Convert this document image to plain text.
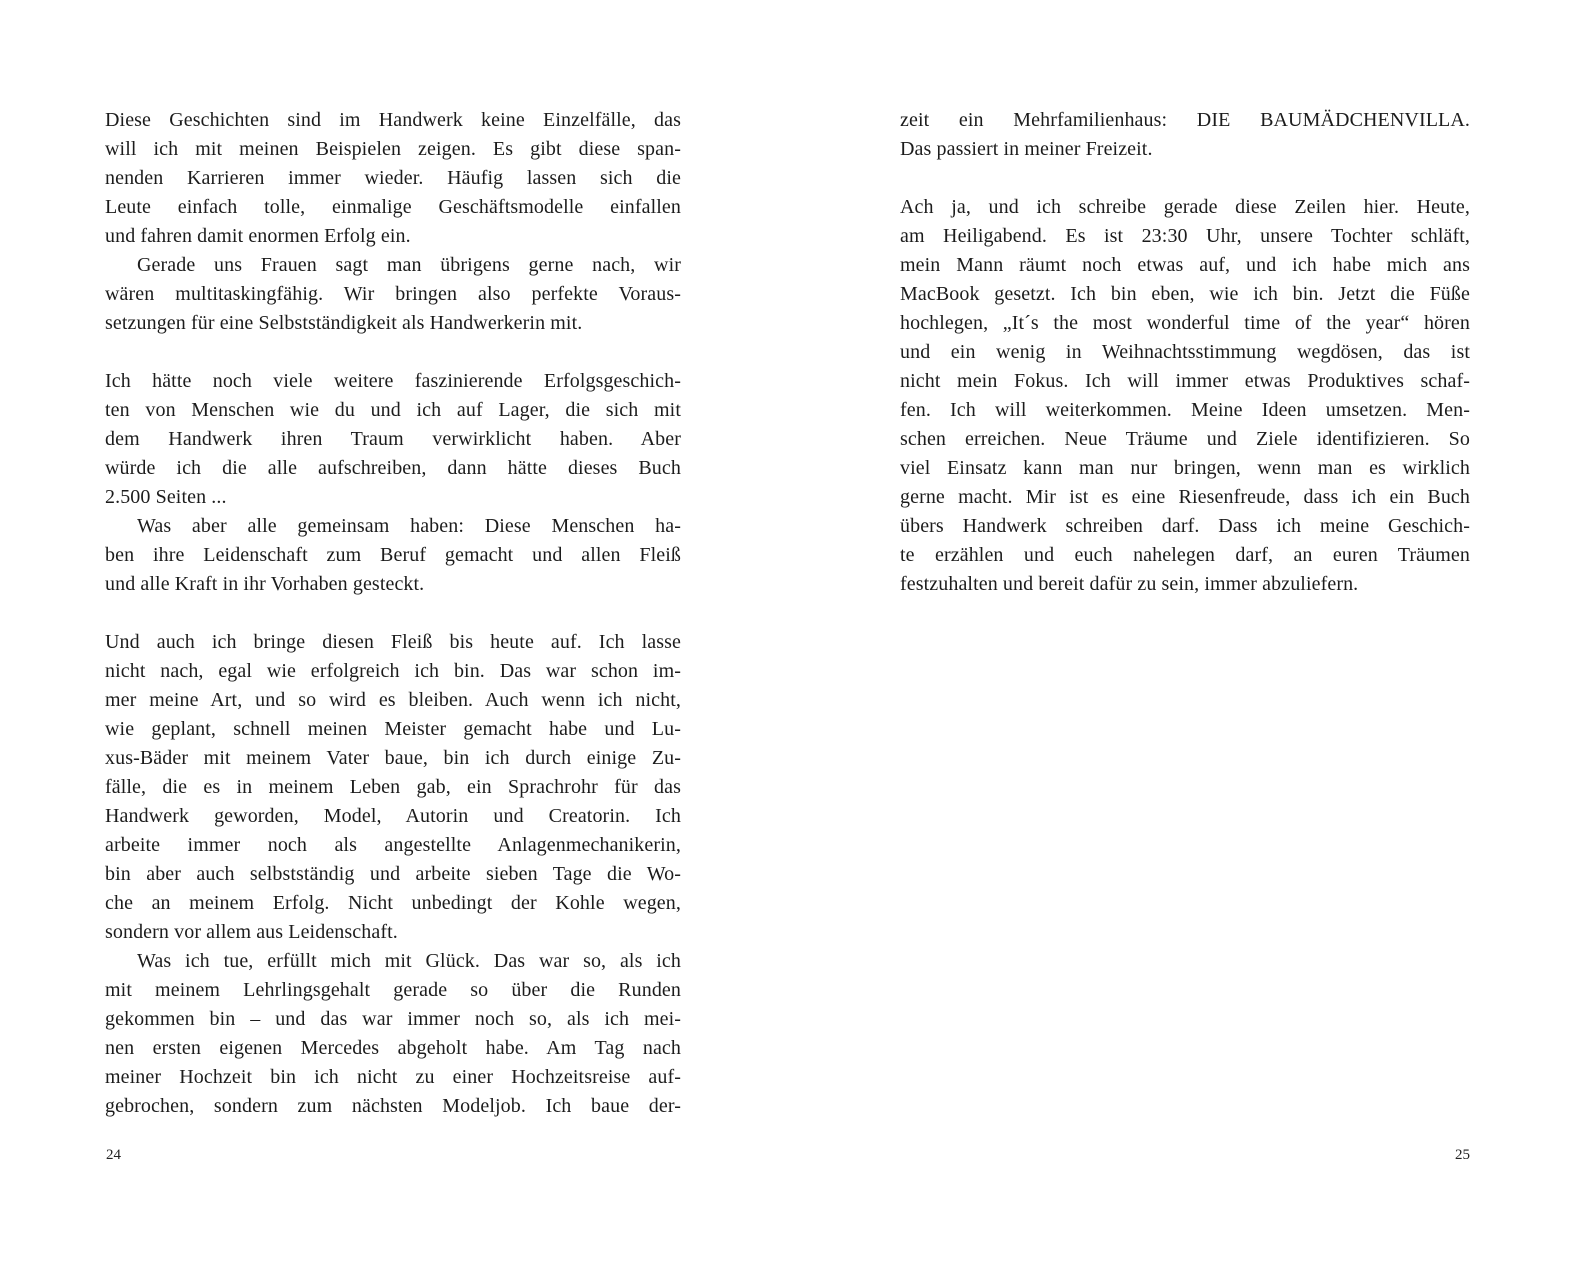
Diese Geschichten sind im Handwerk keine Einzelfälle, das
will ich mit meinen Beispielen zeigen. Es gibt diese span-
nenden Karrieren immer wieder. Häufig lassen sich die
Leute einfach tolle, einmalige Geschäftsmodelle einfallen
und fahren damit enormen Erfolg ein.
Gerade uns Frauen sagt man übrigens gerne nach, wir
wären multitaskingfähig. Wir bringen also perfekte Voraus-
setzungen für eine Selbstständigkeit als Handwerkerin mit.
Ich hätte noch viele weitere faszinierende Erfolgsgeschich-
ten von Menschen wie du und ich auf Lager, die sich mit
dem Handwerk ihren Traum verwirklicht haben. Aber
würde ich die alle aufschreiben, dann hätte dieses Buch
2.500 Seiten ...
Was aber alle gemeinsam haben: Diese Menschen ha-
ben ihre Leidenschaft zum Beruf gemacht und allen Fleiß
und alle Kraft in ihr Vorhaben gesteckt.
Und auch ich bringe diesen Fleiß bis heute auf. Ich lasse
nicht nach, egal wie erfolgreich ich bin. Das war schon im-
mer meine Art, und so wird es bleiben. Auch wenn ich nicht,
wie geplant, schnell meinen Meister gemacht habe und Lu-
xus-Bäder mit meinem Vater baue, bin ich durch einige Zu-
fälle, die es in meinem Leben gab, ein Sprachrohr für das
Handwerk geworden, Model, Autorin und Creatorin. Ich
arbeite immer noch als angestellte Anlagenmechanikerin,
bin aber auch selbstständig und arbeite sieben Tage die Wo-
che an meinem Erfolg. Nicht unbedingt der Kohle wegen,
sondern vor allem aus Leidenschaft.
Was ich tue, erfüllt mich mit Glück. Das war so, als ich
mit meinem Lehrlingsgehalt gerade so über die Runden
gekommen bin – und das war immer noch so, als ich mei-
nen ersten eigenen Mercedes abgeholt habe. Am Tag nach
meiner Hochzeit bin ich nicht zu einer Hochzeitsreise auf-
gebrochen, sondern zum nächsten Modeljob. Ich baue der-
24
zeit ein Mehrfamilienhaus: DIE BAUMÄDCHENVILLA.
Das passiert in meiner Freizeit.
Ach ja, und ich schreibe gerade diese Zeilen hier. Heute,
am Heiligabend. Es ist 23:30 Uhr, unsere Tochter schläft,
mein Mann räumt noch etwas auf, und ich habe mich ans
MacBook gesetzt. Ich bin eben, wie ich bin. Jetzt die Füße
hochlegen, „It´s the most wonderful time of the year“ hören
und ein wenig in Weihnachtsstimmung wegdösen, das ist
nicht mein Fokus. Ich will immer etwas Produktives schaf-
fen. Ich will weiterkommen. Meine Ideen umsetzen. Men-
schen erreichen. Neue Träume und Ziele identifizieren. So
viel Einsatz kann man nur bringen, wenn man es wirklich
gerne macht. Mir ist es eine Riesenfreude, dass ich ein Buch
übers Handwerk schreiben darf. Dass ich meine Geschich-
te erzählen und euch nahelegen darf, an euren Träumen
festzuhalten und bereit dafür zu sein, immer abzuliefern.
25
